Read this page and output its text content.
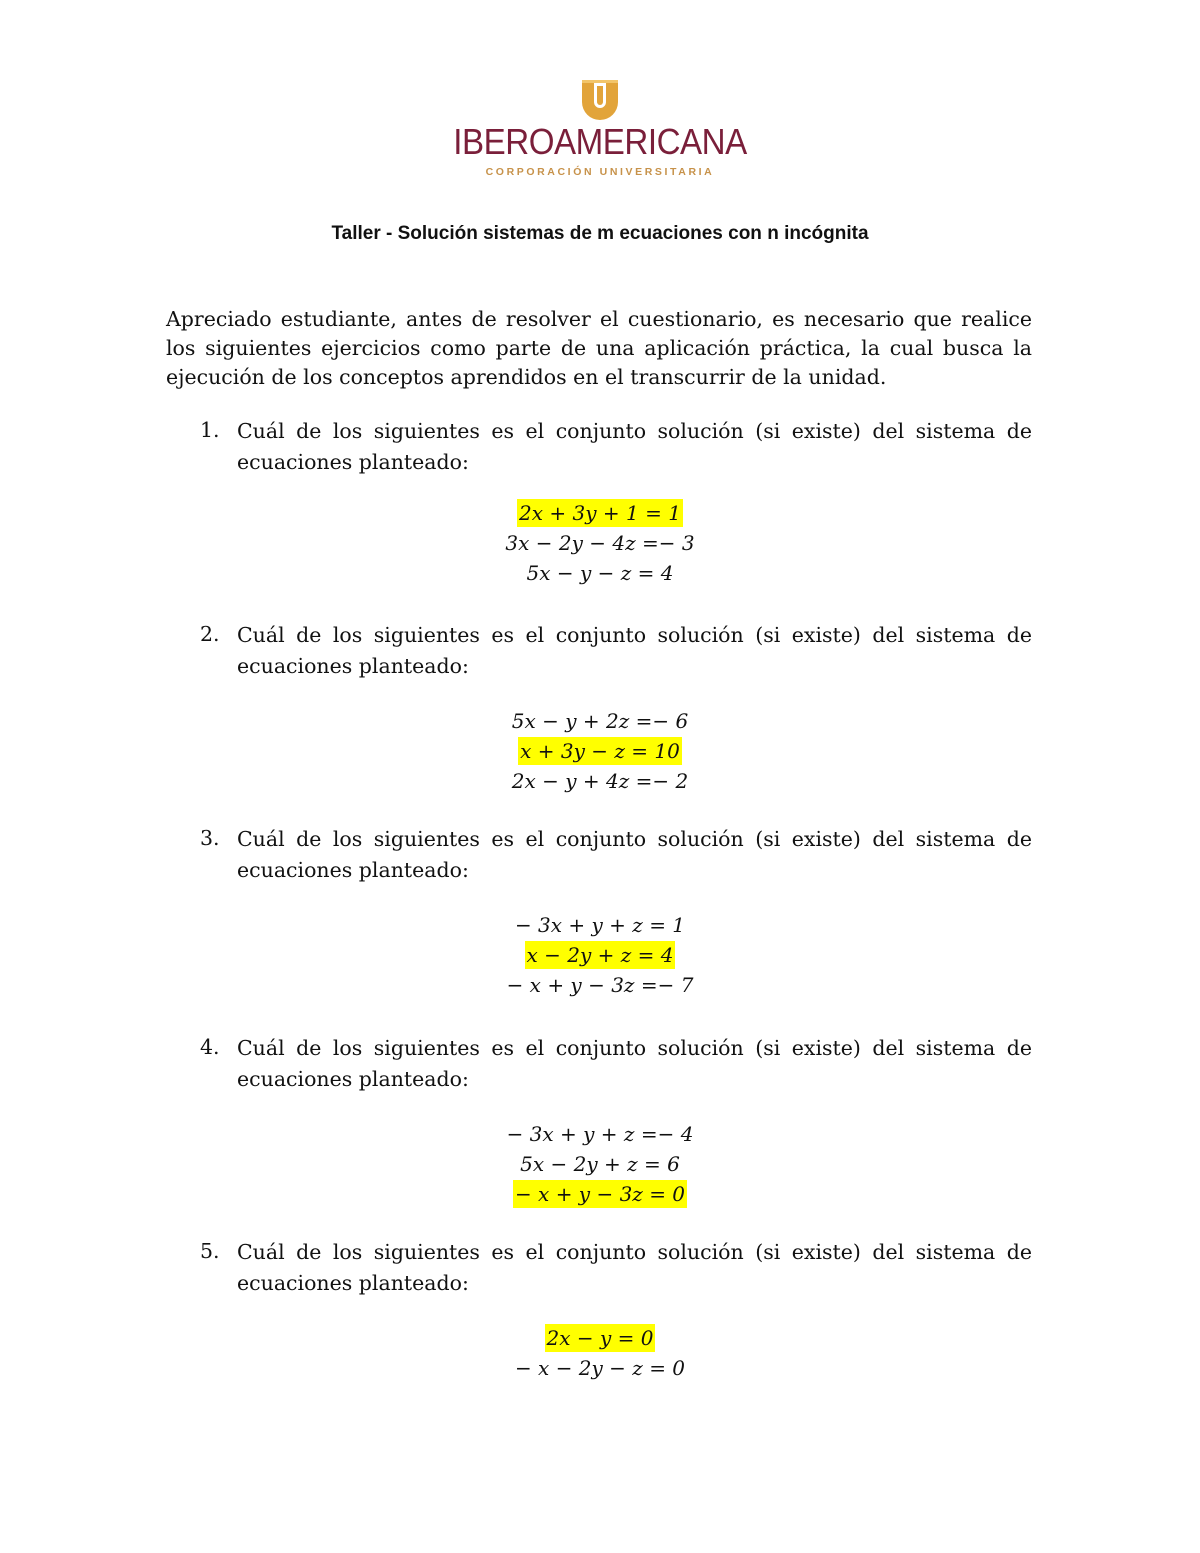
IBEROAMERICANA
CORPORACIÓN UNIVERSITARIA
Taller - Solución sistemas de m ecuaciones con n incógnita

Apreciado estudiante, antes de resolver el cuestionario, es necesario que realice los siguientes ejercicios como parte de una aplicación práctica, la cual busca la ejecución de los conceptos aprendidos en el transcurrir de la unidad.

1. Cuál de los siguientes es el conjunto solución (si existe) del sistema de ecuaciones planteado:

2x + 3y + 1 = 1
3x − 2y − 4z =− 3
5x − y − z = 4
2. Cuál de los siguientes es el conjunto solución (si existe) del sistema de ecuaciones planteado:

5x − y + 2z =− 6
x + 3y − z = 10
2x − y + 4z =− 2
3. Cuál de los siguientes es el conjunto solución (si existe) del sistema de ecuaciones planteado:

− 3x + y + z = 1
x − 2y + z = 4
− x + y − 3z =− 7
4. Cuál de los siguientes es el conjunto solución (si existe) del sistema de ecuaciones planteado:

− 3x + y + z =− 4
5x − 2y + z = 6
− x + y − 3z = 0
5. Cuál de los siguientes es el conjunto solución (si existe) del sistema de ecuaciones planteado:

2x − y = 0
− x − 2y − z = 0
